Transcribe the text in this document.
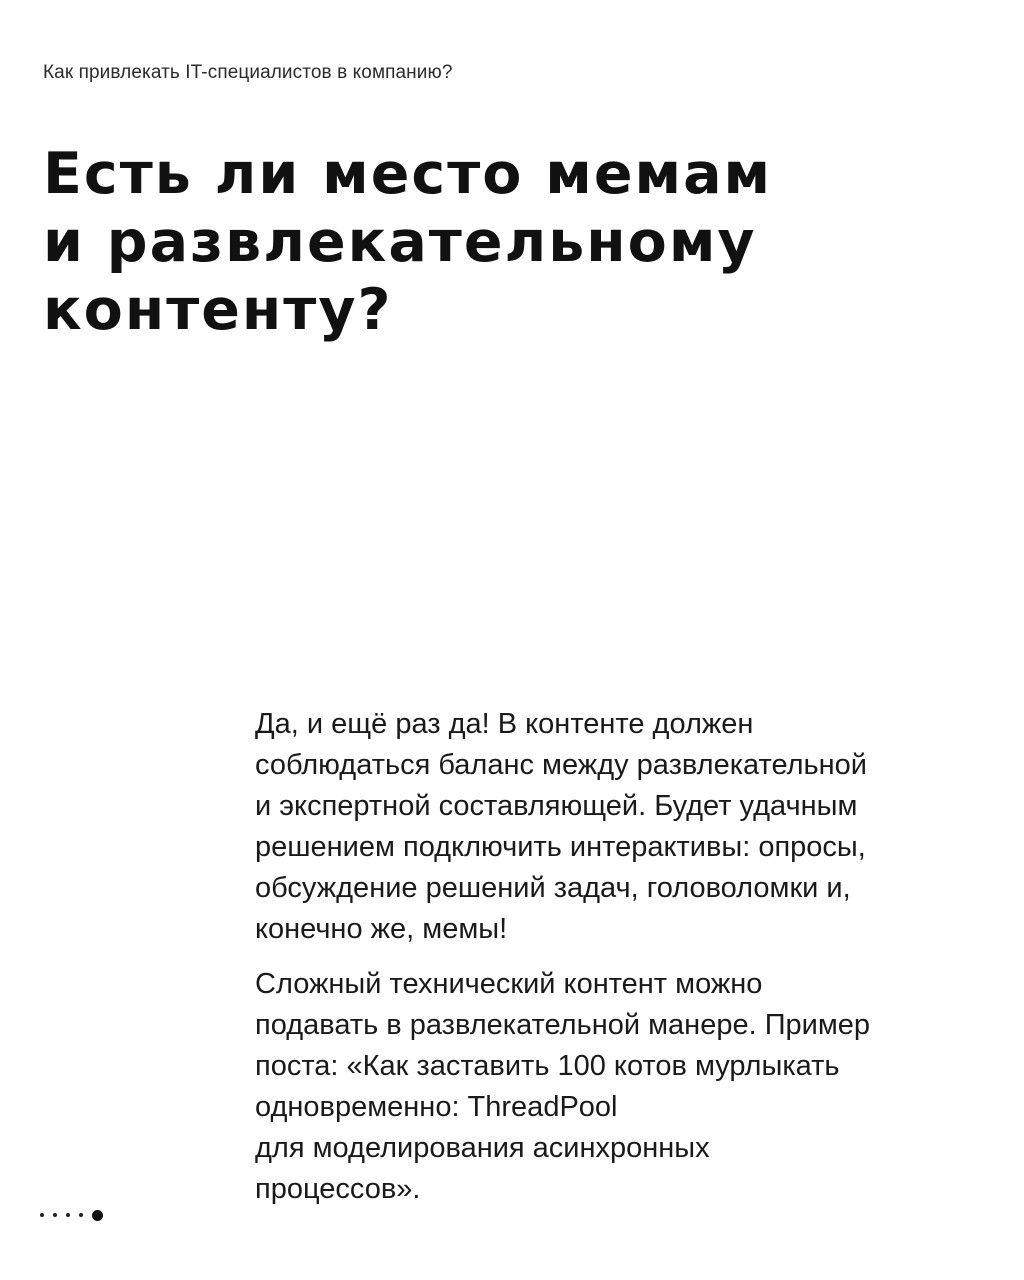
Как привлекать IT-специалистов в компанию?
Есть ли место мемам
и развлекательному
контенту?

Да, и ещё раз да! В контенте должен
соблюдаться баланс между развлекательной
и экспертной составляющей. Будет удачным
решением подключить интерактивы: опросы,
обсуждение решений задач, головоломки и,
конечно же, мемы!

Сложный технический контент можно
подавать в развлекательной манере. Пример
поста: «Как заставить 100 котов мурлыкать
одновременно: ThreadPool
для моделирования асинхронных
процессов».
